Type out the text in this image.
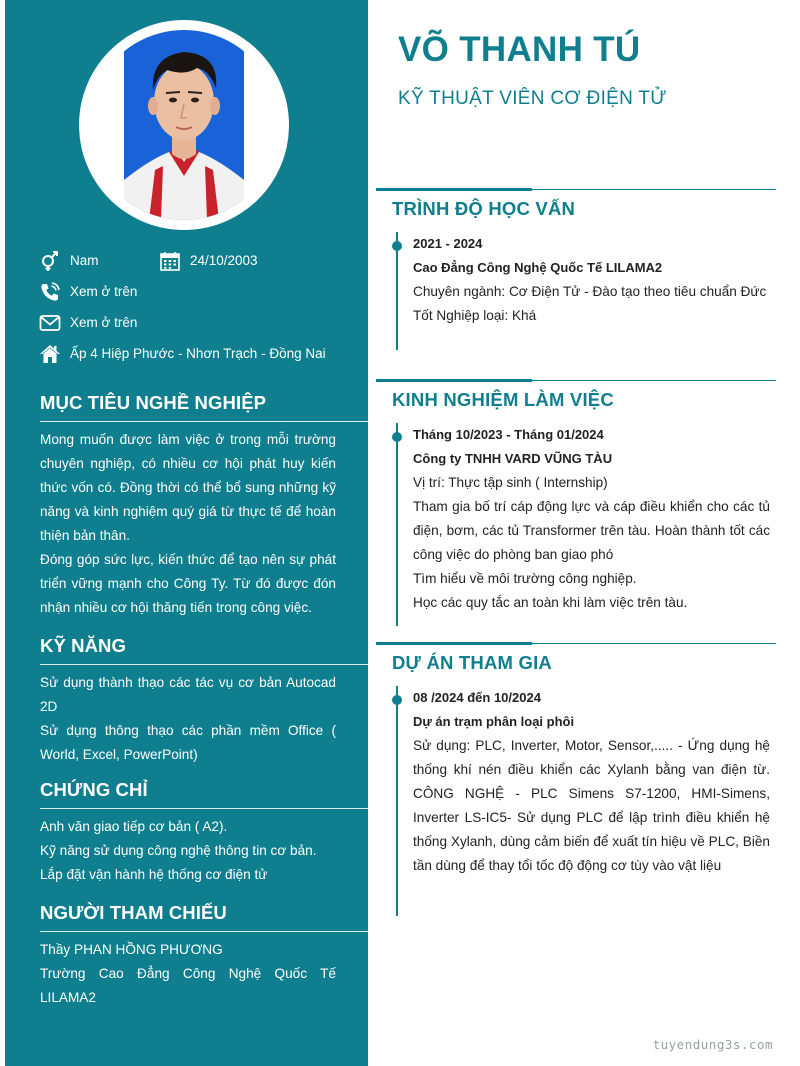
Nam	24/10/2003
Xem ở trên
Xem ở trên
Ấp 4 Hiệp Phước - Nhơn Trạch - Đồng Nai
MỤC TIÊU NGHỀ NGHIỆP

Mong muốn được làm việc ở trong mỗi trường chuyên nghiệp, có nhiều cơ hội phát huy kiến thức vốn có. Đồng thời có thể bổ sung những kỹ năng và kinh nghiệm quý giá từ thực tế để hoàn thiện bản thân.

Đóng góp sức lực, kiến thức để tạo nên sự phát triển vững mạnh cho Công Ty. Từ đó được đón nhận nhiều cơ hội thăng tiến trong công việc.

KỸ NĂNG

Sử dụng thành thạo các tác vụ cơ bản Autocad 2D

Sử dụng thông thạo các phần mềm Office ( World, Excel, PowerPoint)

CHỨNG CHỈ

Anh văn giao tiếp cơ bản ( A2).

Kỹ năng sử dụng công nghệ thông tin cơ bản.

Lắp đặt vận hành hệ thống cơ điện tử

NGƯỜI THAM CHIẾU

Thầy PHAN HỒNG PHƯƠNG

Trường Cao Đẳng Công Nghệ Quốc Tế LILAMA2

VÕ THANH TÚ
KỸ THUẬT VIÊN CƠ ĐIỆN TỬ
TRÌNH ĐỘ HỌC VẤN
2021 - 2024
Cao Đẳng Công Nghệ Quốc Tế LILAMA2
Chuyên ngành: Cơ Điện Tử - Đào tạo theo tiêu chuẩn Đức
Tốt Nghiệp loại: Khá
KINH NGHIỆM LÀM VIỆC
Tháng 10/2023 - Tháng 01/2024
Công ty TNHH VARD VŨNG TÀU
Vị trí: Thực tập sinh ( Internship)
Tham gia bố trí cáp động lực và cáp điều khiển cho các tủ điện, bơm, các tủ Transformer trên tàu. Hoàn thành tốt các công việc do phòng ban giao phó
Tìm hiểu về môi trường công nghiệp.
Học các quy tắc an toàn khi làm việc trên tàu.
DỰ ÁN THAM GIA
08 /2024 đến 10/2024
Dự án trạm phân loại phôi
Sử dụng: PLC, Inverter, Motor, Sensor,..... - Ứng dụng hệ thống khí nén điều khiển các Xylanh bằng van điện từ. CÔNG NGHỆ - PLC Simens S7-1200, HMI-Simens, Inverter LS-IC5- Sử dụng PLC để lập trình điều khiển hệ thống Xylanh, dùng cảm biến để xuất tín hiệu về PLC, Biền tần dùng để thay tổi tốc độ động cơ tùy vào vật liệu
tuyendung3s.com
